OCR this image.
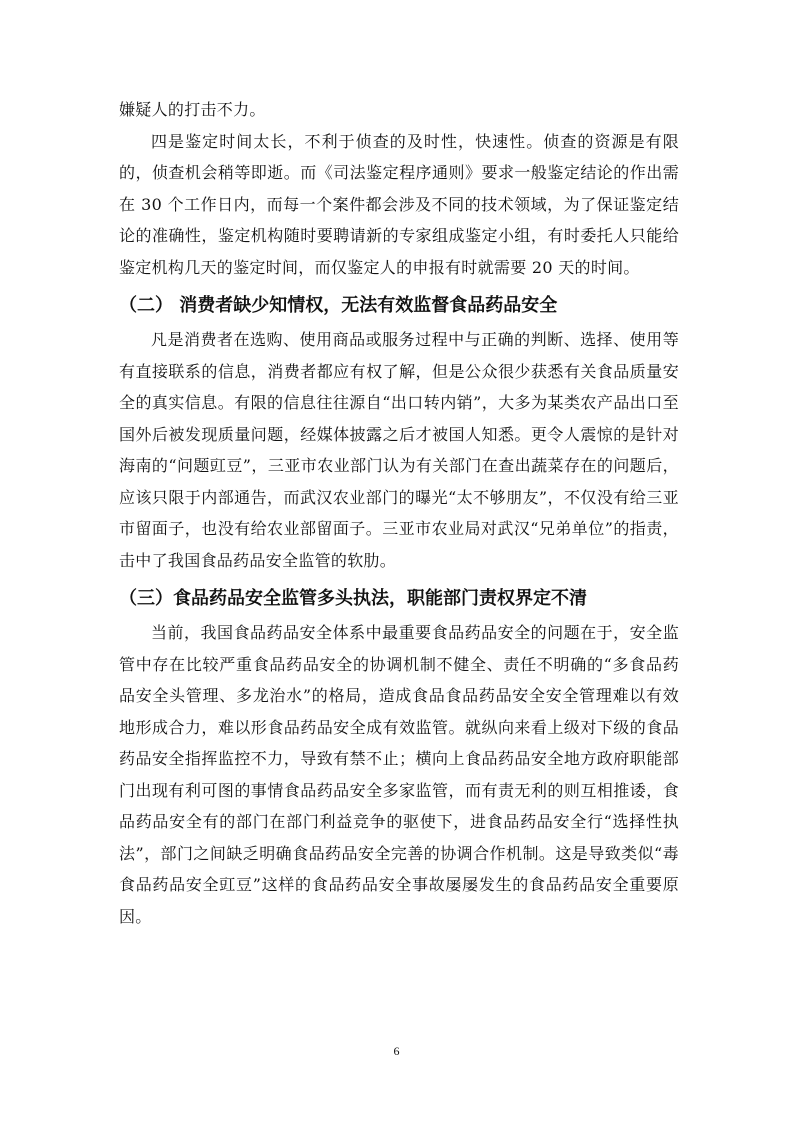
嫌疑人的打击不力。

四是鉴定时间太长，不利于侦查的及时性，快速性。侦查的资源是有限的，侦查机会稍等即逝。而《司法鉴定程序通则》要求一般鉴定结论的作出需在 30 个工作日内，而每一个案件都会涉及不同的技术领域，为了保证鉴定结论的准确性，鉴定机构随时要聘请新的专家组成鉴定小组，有时委托人只能给鉴定机构几天的鉴定时间，而仅鉴定人的申报有时就需要 20 天的时间。

（二） 消费者缺少知情权，无法有效监督食品药品安全

凡是消费者在选购、使用商品或服务过程中与正确的判断、选择、使用等有直接联系的信息，消费者都应有权了解，但是公众很少获悉有关食品质量安全的真实信息。有限的信息往往源自“出口转内销”，大多为某类农产品出口至国外后被发现质量问题，经媒体披露之后才被国人知悉。更令人震惊的是针对海南的“问题豇豆”，三亚市农业部门认为有关部门在查出蔬菜存在的问题后，应该只限于内部通告，而武汉农业部门的曝光“太不够朋友”，不仅没有给三亚市留面子，也没有给农业部留面子。三亚市农业局对武汉“兄弟单位”的指责，击中了我国食品药品安全监管的软肋。

（三）食品药品安全监管多头执法，职能部门责权界定不清

当前，我国食品药品安全体系中最重要食品药品安全的问题在于，安全监管中存在比较严重食品药品安全的协调机制不健全、责任不明确的“多食品药品安全头管理、多龙治水”的格局，造成食品食品药品安全安全管理难以有效地形成合力，难以形食品药品安全成有效监管。就纵向来看上级对下级的食品药品安全指挥监控不力，导致有禁不止；横向上食品药品安全地方政府职能部门出现有利可图的事情食品药品安全多家监管，而有责无利的则互相推诿，食品药品安全有的部门在部门利益竞争的驱使下，进食品药品安全行“选择性执法”，部门之间缺乏明确食品药品安全完善的协调合作机制。这是导致类似“毒食品药品安全豇豆”这样的食品药品安全事故屡屡发生的食品药品安全重要原因。

6
